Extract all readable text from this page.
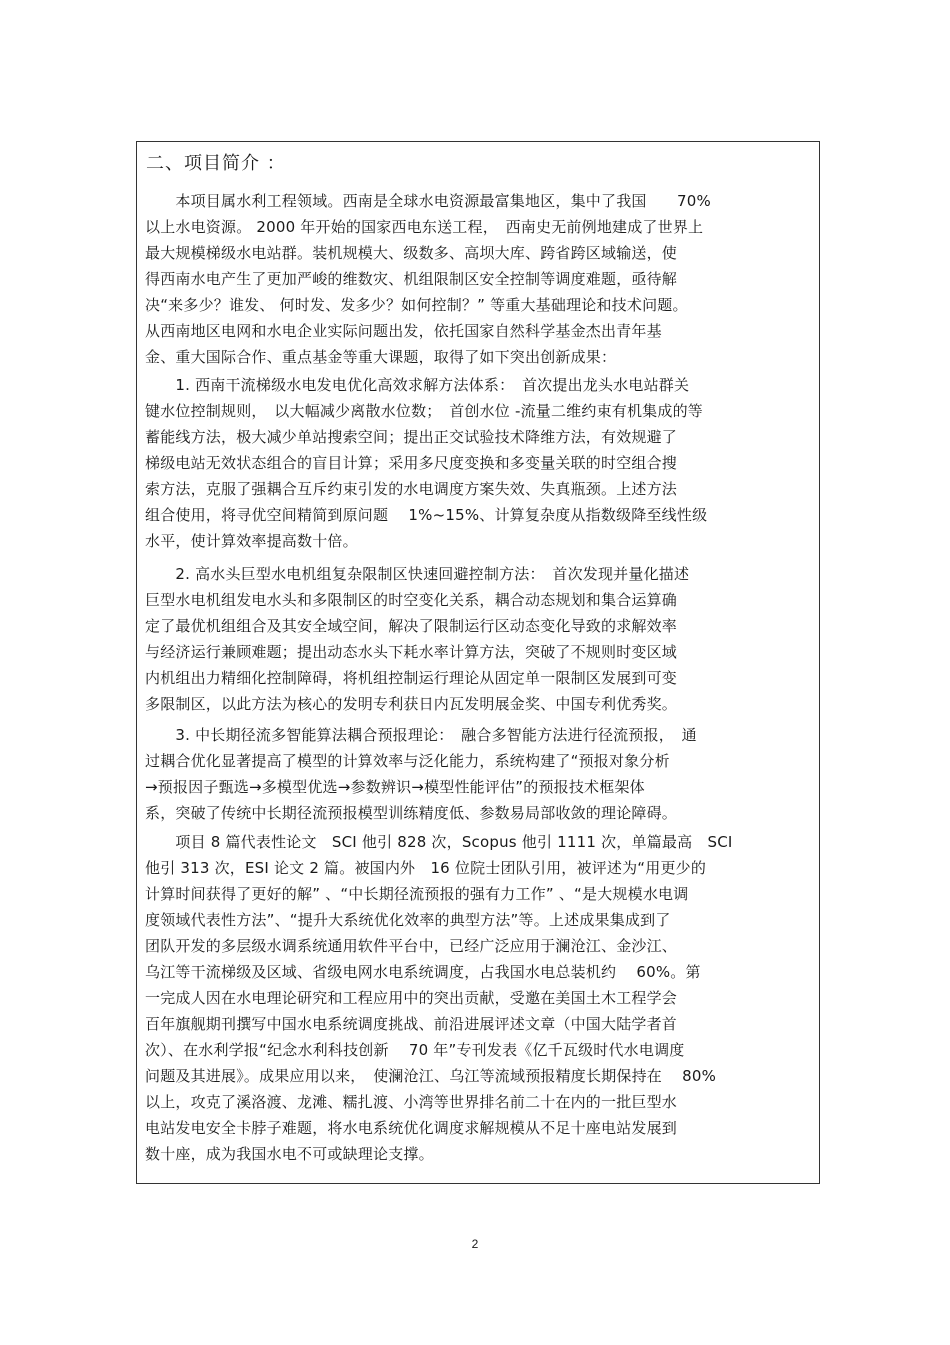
二、项目简介 ：
　　本项目属水利工程领域。西南是全球水电资源最富集地区，集中了我国　　70%
以上水电资源。 2000 年开始的国家西电东送工程，　西南史无前例地建成了世界上
最大规模梯级水电站群。装机规模大、级数多、高坝大库、跨省跨区域输送，使
得西南水电产生了更加严峻的维数灾、机组限制区安全控制等调度难题，亟待解
决“来多少？谁发、 何时发、发多少？如何控制？” 等重大基础理论和技术问题。
从西南地区电网和水电企业实际问题出发，依托国家自然科学基金杰出青年基
金、重大国际合作、重点基金等重大课题，取得了如下突出创新成果：
　　1. 西南干流梯级水电发电优化高效求解方法体系：　首次提出龙头水电站群关
键水位控制规则，　以大幅减少离散水位数；　首创水位 -流量二维约束有机集成的等
蓄能线方法，极大减少单站搜索空间；提出正交试验技术降维方法，有效规避了
梯级电站无效状态组合的盲目计算；采用多尺度变换和多变量关联的时空组合搜
索方法，克服了强耦合互斥约束引发的水电调度方案失效、失真瓶颈。上述方法
组合使用，将寻优空间精简到原问题　 1%~15%、计算复杂度从指数级降至线性级
水平，使计算效率提高数十倍。
　　2. 高水头巨型水电机组复杂限制区快速回避控制方法：　首次发现并量化描述
巨型水电机组发电水头和多限制区的时空变化关系，耦合动态规划和集合运算确
定了最优机组组合及其安全域空间，解决了限制运行区动态变化导致的求解效率
与经济运行兼顾难题；提出动态水头下耗水率计算方法，突破了不规则时变区域
内机组出力精细化控制障碍，将机组控制运行理论从固定单一限制区发展到可变
多限制区，以此方法为核心的发明专利获日内瓦发明展金奖、中国专利优秀奖。
　　3. 中长期径流多智能算法耦合预报理论：　融合多智能方法进行径流预报，　通
过耦合优化显著提高了模型的计算效率与泛化能力，系统构建了“预报对象分析
→预报因子甄选→多模型优选→参数辨识→模型性能评估”的预报技术框架体
系，突破了传统中长期径流预报模型训练精度低、参数易局部收敛的理论障碍。
　　项目 8 篇代表性论文　SCI 他引 828 次，Scopus 他引 1111 次，单篇最高　SCI
他引 313 次，ESI 论文 2 篇。被国内外　16 位院士团队引用，被评述为“用更少的
计算时间获得了更好的解” 、“中长期径流预报的强有力工作” 、“是大规模水电调
度领域代表性方法”、“提升大系统优化效率的典型方法”等。上述成果集成到了
团队开发的多层级水调系统通用软件平台中，已经广泛应用于澜沧江、金沙江、
乌江等干流梯级及区域、省级电网水电系统调度，占我国水电总装机约　 60%。第
一完成人因在水电理论研究和工程应用中的突出贡献，受邀在美国土木工程学会
百年旗舰期刊撰写中国水电系统调度挑战、前沿进展评述文章（中国大陆学者首
次）、在水利学报“纪念水利科技创新　 70 年”专刊发表《亿千瓦级时代水电调度
问题及其进展》。成果应用以来，　使澜沧江、乌江等流域预报精度长期保持在　 80%
以上，攻克了溪洛渡、龙滩、糯扎渡、小湾等世界排名前二十在内的一批巨型水
电站发电安全卡脖子难题，将水电系统优化调度求解规模从不足十座电站发展到
数十座，成为我国水电不可或缺理论支撑。
2
